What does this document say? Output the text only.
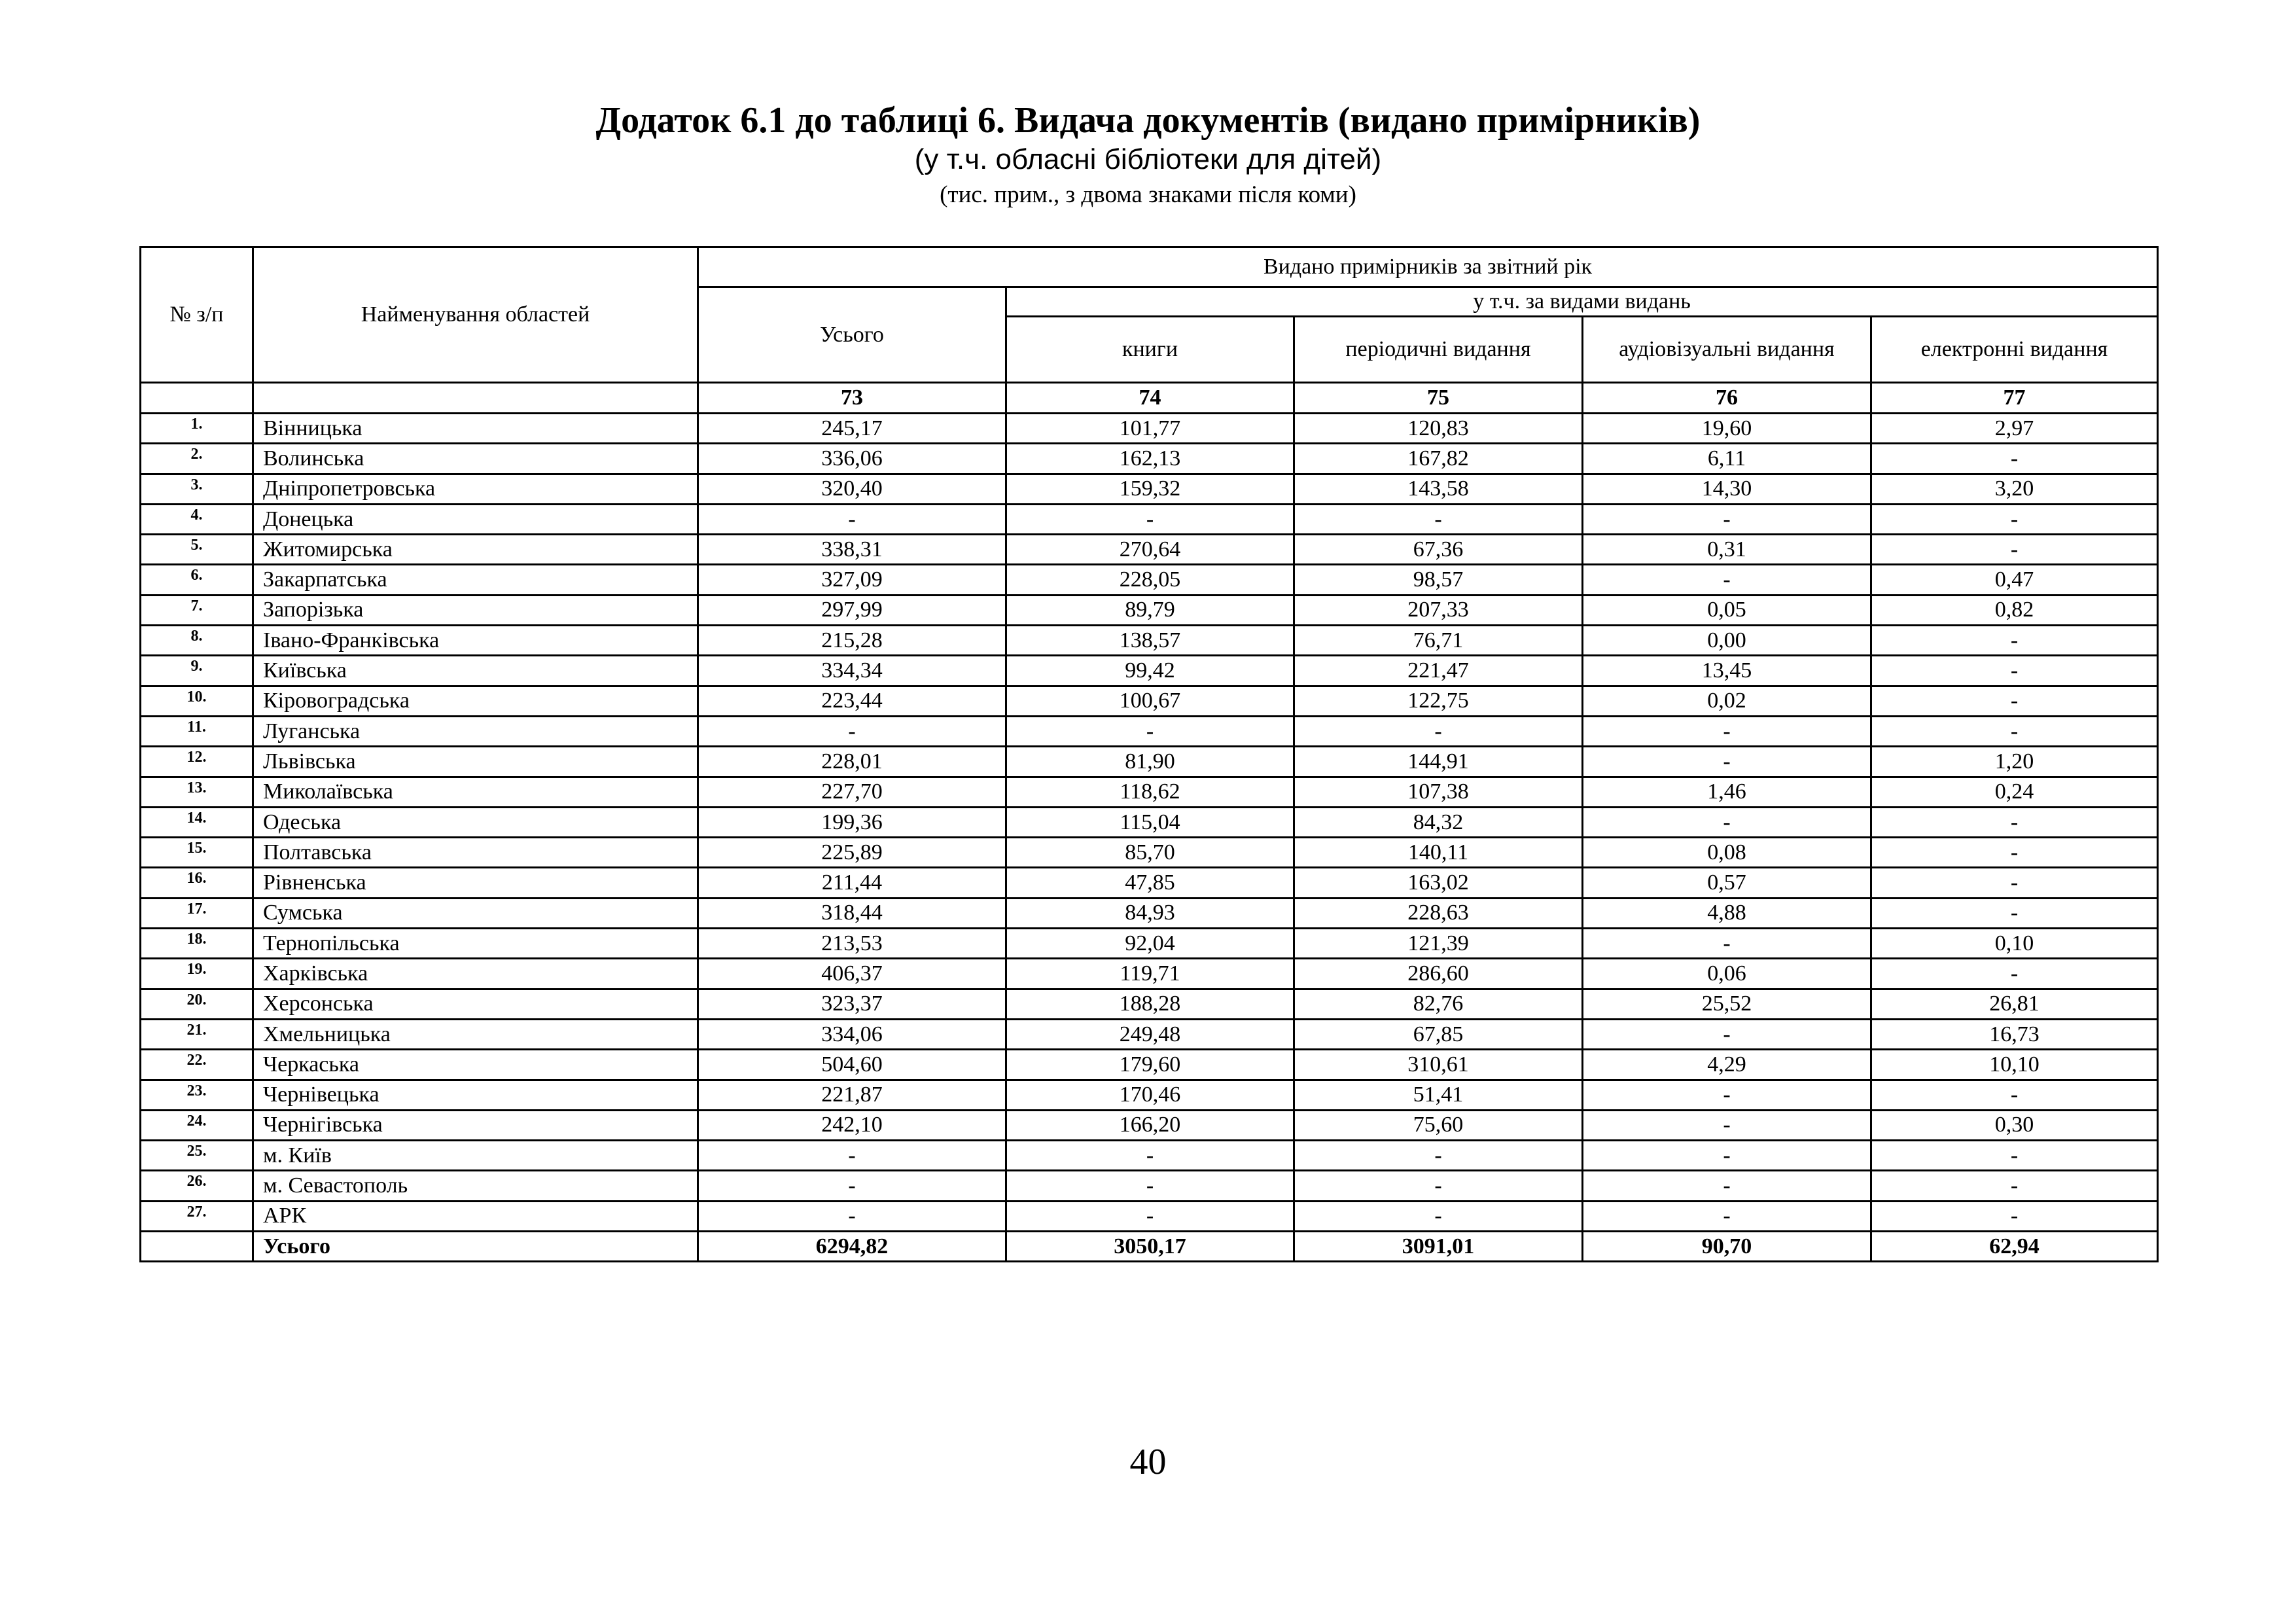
Додаток 6.1 до таблиці 6. Видача документів (видано примірників)
(у т.ч. обласні бібліотеки для дітей)
(тис. прим., з двома знаками після коми)
№ з/п	Найменування областей	Видано примірників за звітний рік				
		Усього	у т.ч. за видами видань			
			книги	періодичні видання	аудіовізуальні видання	електронні видання
		73	74	75	76	77
1.	Вінницька	245,17	101,77	120,83	19,60	2,97
2.	Волинська	336,06	162,13	167,82	6,11	-
3.	Дніпропетровська	320,40	159,32	143,58	14,30	3,20
4.	Донецька	-	-	-	-	-
5.	Житомирська	338,31	270,64	67,36	0,31	-
6.	Закарпатська	327,09	228,05	98,57	-	0,47
7.	Запорізька	297,99	89,79	207,33	0,05	0,82
8.	Івано-Франківська	215,28	138,57	76,71	0,00	-
9.	Київська	334,34	99,42	221,47	13,45	-
10.	Кіровоградська	223,44	100,67	122,75	0,02	-
11.	Луганська	-	-	-	-	-
12.	Львівська	228,01	81,90	144,91	-	1,20
13.	Миколаївська	227,70	118,62	107,38	1,46	0,24
14.	Одеська	199,36	115,04	84,32	-	-
15.	Полтавська	225,89	85,70	140,11	0,08	-
16.	Рівненська	211,44	47,85	163,02	0,57	-
17.	Сумська	318,44	84,93	228,63	4,88	-
18.	Тернопільська	213,53	92,04	121,39	-	0,10
19.	Харківська	406,37	119,71	286,60	0,06	-
20.	Херсонська	323,37	188,28	82,76	25,52	26,81
21.	Хмельницька	334,06	249,48	67,85	-	16,73
22.	Черкаська	504,60	179,60	310,61	4,29	10,10
23.	Чернівецька	221,87	170,46	51,41	-	-
24.	Чернігівська	242,10	166,20	75,60	-	0,30
25.	м. Київ	-	-	-	-	-
26.	м. Севастополь	-	-	-	-	-
27.	АРК	-	-	-	-	-
	Усього	6294,82	3050,17	3091,01	90,70	62,94
40
